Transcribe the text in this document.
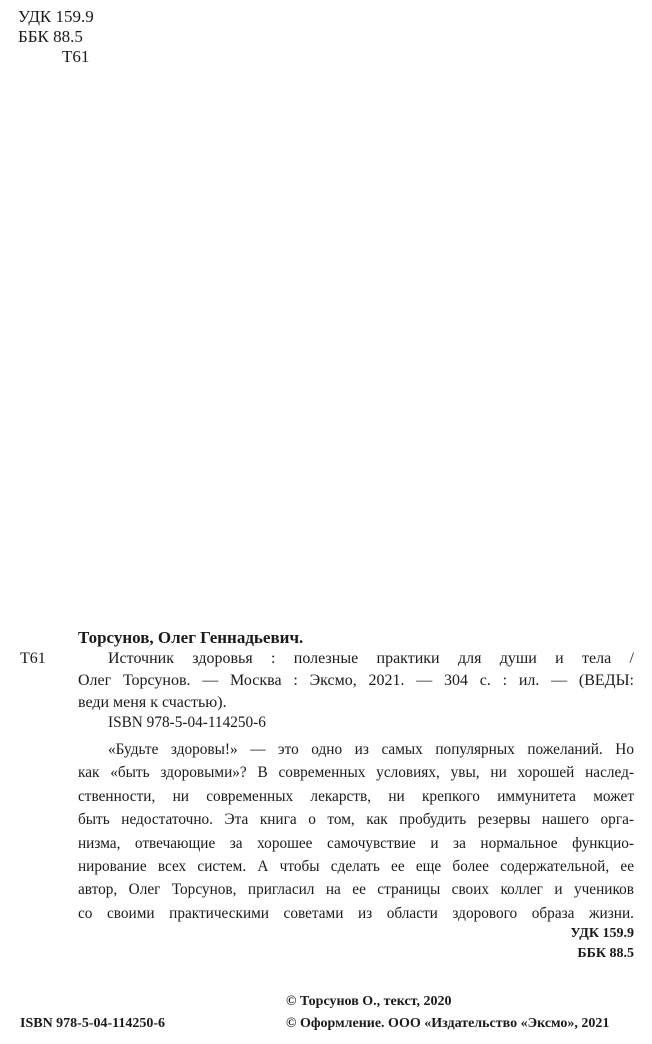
УДК 159.9
ББК 88.5
Т61
Торсунов, Олег Геннадьевич.
Т61	Источник здоровья : полезные практики для души и тела /
Олег Торсунов. — Москва : Эксмо, 2021. — 304 с. : ил. — (ВЕДЫ:
веди меня к счастью).
ISBN 978-5-04-114250-6
«Будьте здоровы!» — это одно из самых популярных пожеланий. Но
как «быть здоровыми»? В современных условиях, увы, ни хорошей наслед-
ственности, ни современных лекарств, ни крепкого иммунитета может
быть недостаточно. Эта книга о том, как пробудить резервы нашего орга-
низма, отвечающие за хорошее самочувствие и за нормальное функцио-
нирование всех систем. А чтобы сделать ее еще более содержательной, ее
автор, Олег Торсунов, пригласил на ее страницы своих коллег и учеников
со своими практическими советами из области здорового образа жизни.
УДК 159.9
ББК 88.5
ISBN 978-5-04-114250-6
© Торсунов О., текст, 2020
© Оформление. ООО «Издательство «Эксмо», 2021
